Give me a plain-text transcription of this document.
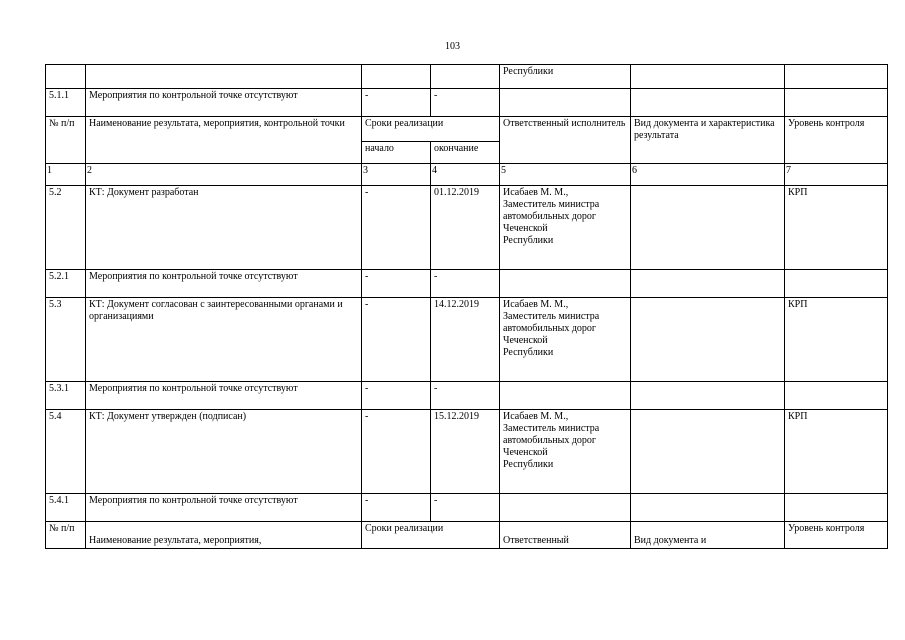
103
				Республики		
5.1.1	Мероприятия по контрольной точке отсутствуют	-	-			
№ п/п	Наименование результата, мероприятия, контрольной точки	Сроки реализации		Ответственный исполнитель	Вид документа и характеристика результата	Уровень контроля
		начало	окончание			
1	2	3	4	5	6	7
5.2	КТ: Документ разработан	-	01.12.2019	Исабаев М. М.,
Заместитель министра
автомобильных дорог
Чеченской
Республики		КРП
5.2.1	Мероприятия по контрольной точке отсутствуют	-	-			
5.3	КТ: Документ согласован с заинтересованными органами и организациями	-	14.12.2019	Исабаев М. М.,
Заместитель министра
автомобильных дорог
Чеченской
Республики		КРП
5.3.1	Мероприятия по контрольной точке отсутствуют	-	-			
5.4	КТ: Документ утвержден (подписан)	-	15.12.2019	Исабаев М. М.,
Заместитель министра
автомобильных дорог
Чеченской
Республики		КРП
5.4.1	Мероприятия по контрольной точке отсутствуют	-	-			
№ п/п	Наименование результата, мероприятия,	Сроки реализации		Ответственный	Вид документа и	Уровень контроля
